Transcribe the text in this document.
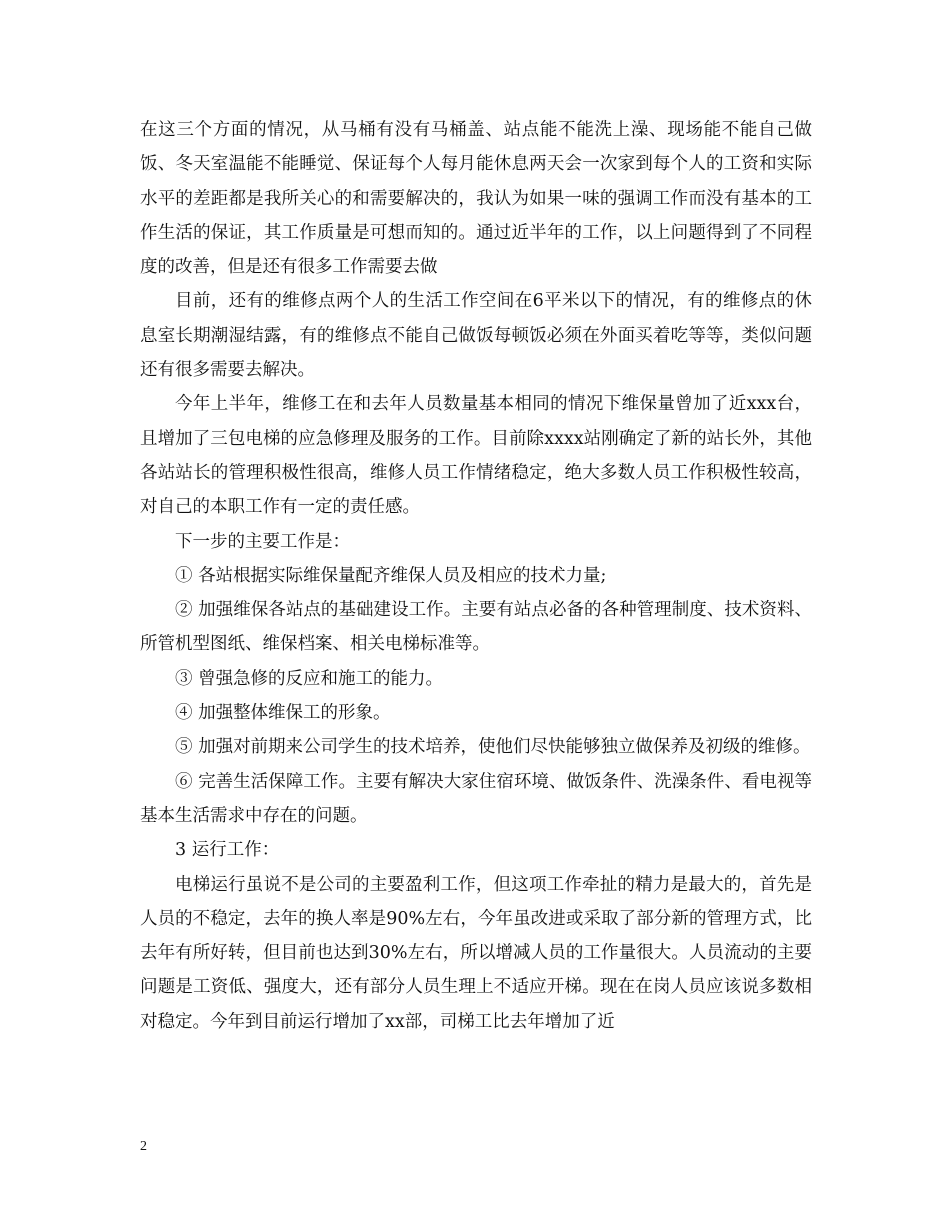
在这三个方面的情况，从马桶有没有马桶盖、站点能不能洗上澡、现场能不能自己做饭、冬天室温能不能睡觉、保证每个人每月能休息两天会一次家到每个人的工资和实际水平的差距都是我所关心的和需要解决的，我认为如果一味的强调工作而没有基本的工作生活的保证，其工作质量是可想而知的。通过近半年的工作，以上问题得到了不同程度的改善，但是还有很多工作需要去做

目前，还有的维修点两个人的生活工作空间在6平米以下的情况，有的维修点的休息室长期潮湿结露，有的维修点不能自己做饭每顿饭必须在外面买着吃等等，类似问题还有很多需要去解决。

今年上半年，维修工在和去年人员数量基本相同的情况下维保量曾加了近xxx台，且增加了三包电梯的应急修理及服务的工作。目前除xxxx站刚确定了新的站长外，其他各站站长的管理积极性很高，维修人员工作情绪稳定，绝大多数人员工作积极性较高，对自己的本职工作有一定的责任感。

下一步的主要工作是：

① 各站根据实际维保量配齐维保人员及相应的技术力量;

② 加强维保各站点的基础建设工作。主要有站点必备的各种管理制度、技术资料、所管机型图纸、维保档案、相关电梯标准等。

③ 曾强急修的反应和施工的能力。

④ 加强整体维保工的形象。

⑤ 加强对前期来公司学生的技术培养，使他们尽快能够独立做保养及初级的维修。

⑥ 完善生活保障工作。主要有解决大家住宿环境、做饭条件、洗澡条件、看电视等基本生活需求中存在的问题。

3 运行工作：

电梯运行虽说不是公司的主要盈利工作，但这项工作牵扯的精力是最大的，首先是人员的不稳定，去年的换人率是90%左右，今年虽改进或采取了部分新的管理方式，比去年有所好转，但目前也达到30%左右，所以增减人员的工作量很大。人员流动的主要问题是工资低、强度大，还有部分人员生理上不适应开梯。现在在岗人员应该说多数相对稳定。今年到目前运行增加了xx部，司梯工比去年增加了近

2
